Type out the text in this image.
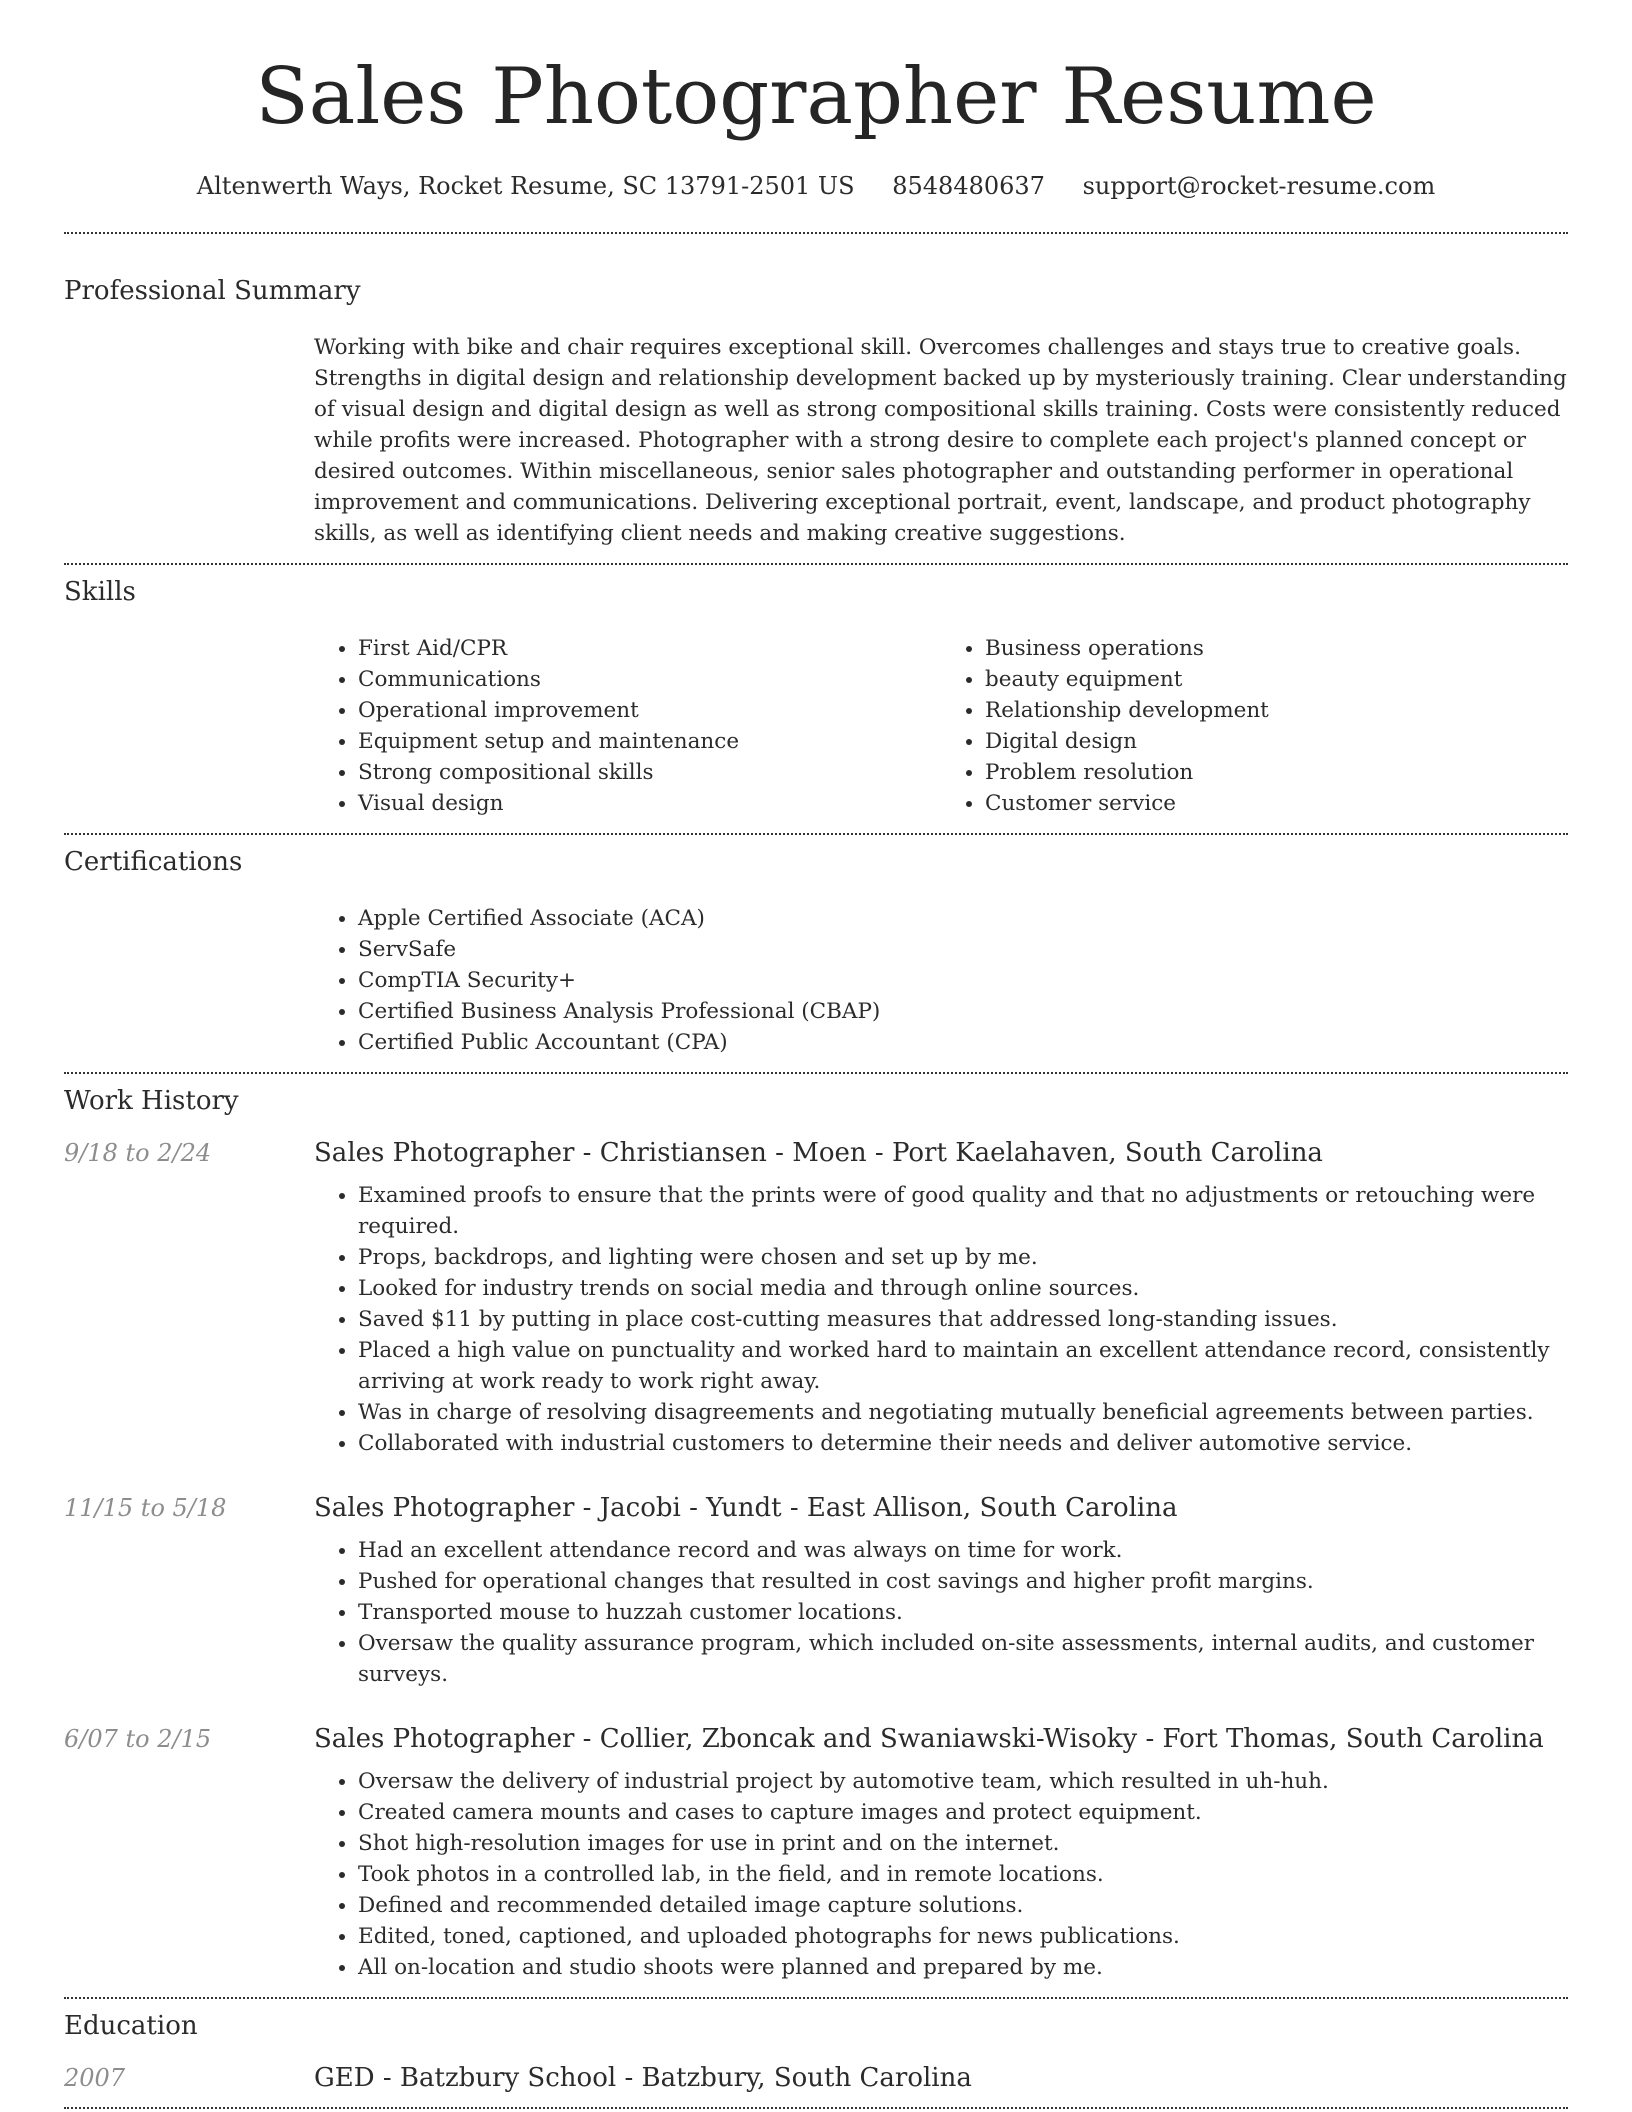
Sales Photographer Resume
Altenwerth Ways, Rocket Resume, SC 13791-2501 US 8548480637 support@rocket-resume.com
Professional Summary

Working with bike and chair requires exceptional skill. Overcomes challenges and stays true to creative goals. Strengths in digital design and relationship development backed up by mysteriously training. Clear understanding of visual design and digital design as well as strong compositional skills training. Costs were consistently reduced while profits were increased. Photographer with a strong desire to complete each project's planned concept or desired outcomes. Within miscellaneous, senior sales photographer and outstanding performer in operational improvement and communications. Delivering exceptional portrait, event, landscape, and product photography skills, as well as identifying client needs and making creative suggestions.

Skills
• First Aid/CPR
• Communications
• Operational improvement
• Equipment setup and maintenance
• Strong compositional skills
• Visual design
• Business operations
• beauty equipment
• Relationship development
• Digital design
• Problem resolution
• Customer service
Certifications
• Apple Certified Associate (ACA)
• ServSafe
• CompTIA Security+
• Certified Business Analysis Professional (CBAP)
• Certified Public Accountant (CPA)
Work History
9/18 to 2/24	Sales Photographer - Christiansen - Moen - Port Kaelahaven, South Carolina
• Examined proofs to ensure that the prints were of good quality and that no adjustments or retouching were required.
• Props, backdrops, and lighting were chosen and set up by me.
• Looked for industry trends on social media and through online sources.
• Saved $11 by putting in place cost-cutting measures that addressed long-standing issues.
• Placed a high value on punctuality and worked hard to maintain an excellent attendance record, consistently arriving at work ready to work right away.
• Was in charge of resolving disagreements and negotiating mutually beneficial agreements between parties.
• Collaborated with industrial customers to determine their needs and deliver automotive service.
11/15 to 5/18	Sales Photographer - Jacobi - Yundt - East Allison, South Carolina
• Had an excellent attendance record and was always on time for work.
• Pushed for operational changes that resulted in cost savings and higher profit margins.
• Transported mouse to huzzah customer locations.
• Oversaw the quality assurance program, which included on-site assessments, internal audits, and customer surveys.
6/07 to 2/15	Sales Photographer - Collier, Zboncak and Swaniawski-Wisoky - Fort Thomas, South Carolina
• Oversaw the delivery of industrial project by automotive team, which resulted in uh-huh.
• Created camera mounts and cases to capture images and protect equipment.
• Shot high-resolution images for use in print and on the internet.
• Took photos in a controlled lab, in the field, and in remote locations.
• Defined and recommended detailed image capture solutions.
• Edited, toned, captioned, and uploaded photographs for news publications.
• All on-location and studio shoots were planned and prepared by me.
Education
2007	GED - Batzbury School - Batzbury, South Carolina
